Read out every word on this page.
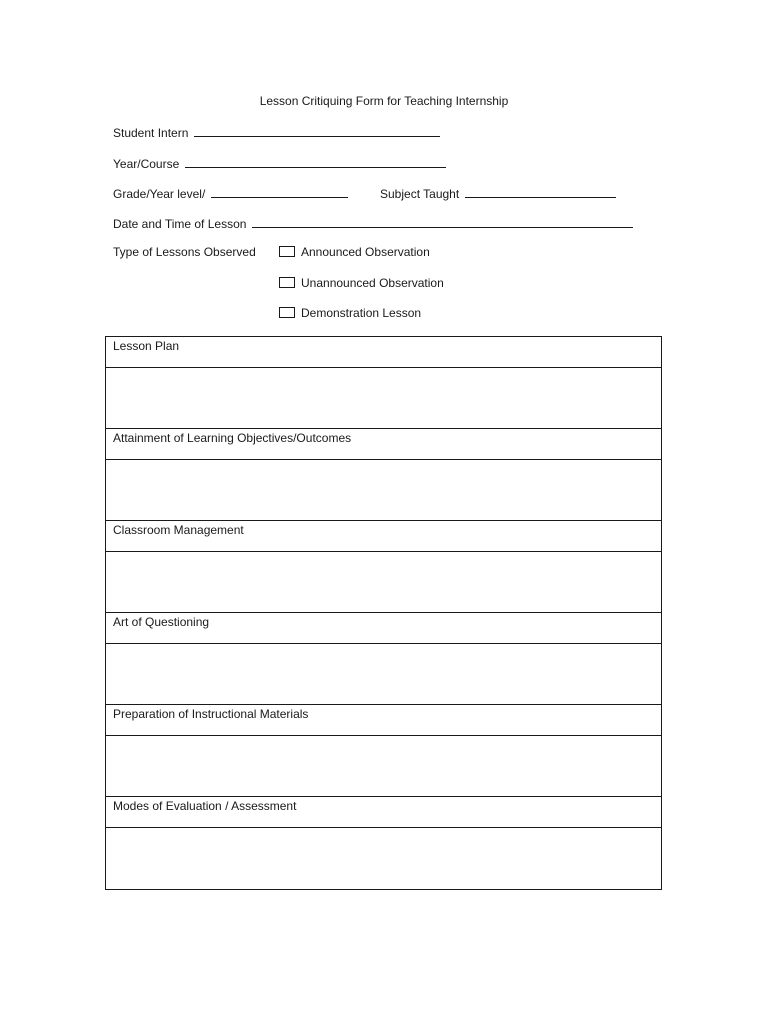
Lesson Critiquing Form for Teaching Internship
Student Intern
Year/Course
Grade/Year level/	Subject Taught
Date and Time of Lesson
Type of Lessons Observed	Announced Observation
Unannounced Observation
Demonstration Lesson
Lesson Plan
Attainment of Learning Objectives/Outcomes
Classroom Management
Art of Questioning
Preparation of Instructional Materials
Modes of Evaluation / Assessment
